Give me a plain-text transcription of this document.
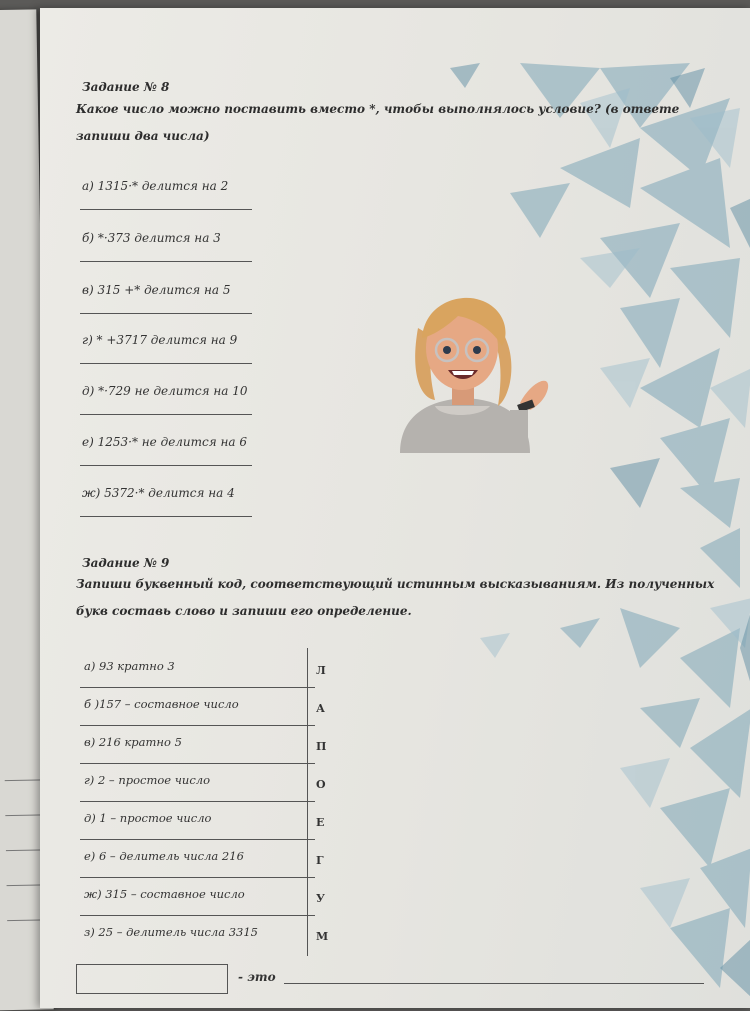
Задание № 8
Какое число можно поставить вместо *, чтобы выполнялось условие? (в ответе запиши два числа)
а) 1315·* делится на 2
б) *·373 делится на 3
в) 315 +* делится на 5
г) * +3717 делится на 9
д) *·729 не делится на 10
е) 1253·* не делится на 6
ж) 5372·* делится на 4
Задание № 9
Запиши буквенный код, соответствующий истинным высказываниям. Из полученных букв составь слово и запиши его определение.
а) 93 кратно 3	Л
б )157 – составное число	А
в) 216 кратно 5	П
г) 2 – простое число	О
д) 1 – простое число	Е
е) 6 – делитель числа 216	Г
ж) 315 – составное число	У
з) 25 – делитель числа 3315	М
- это
